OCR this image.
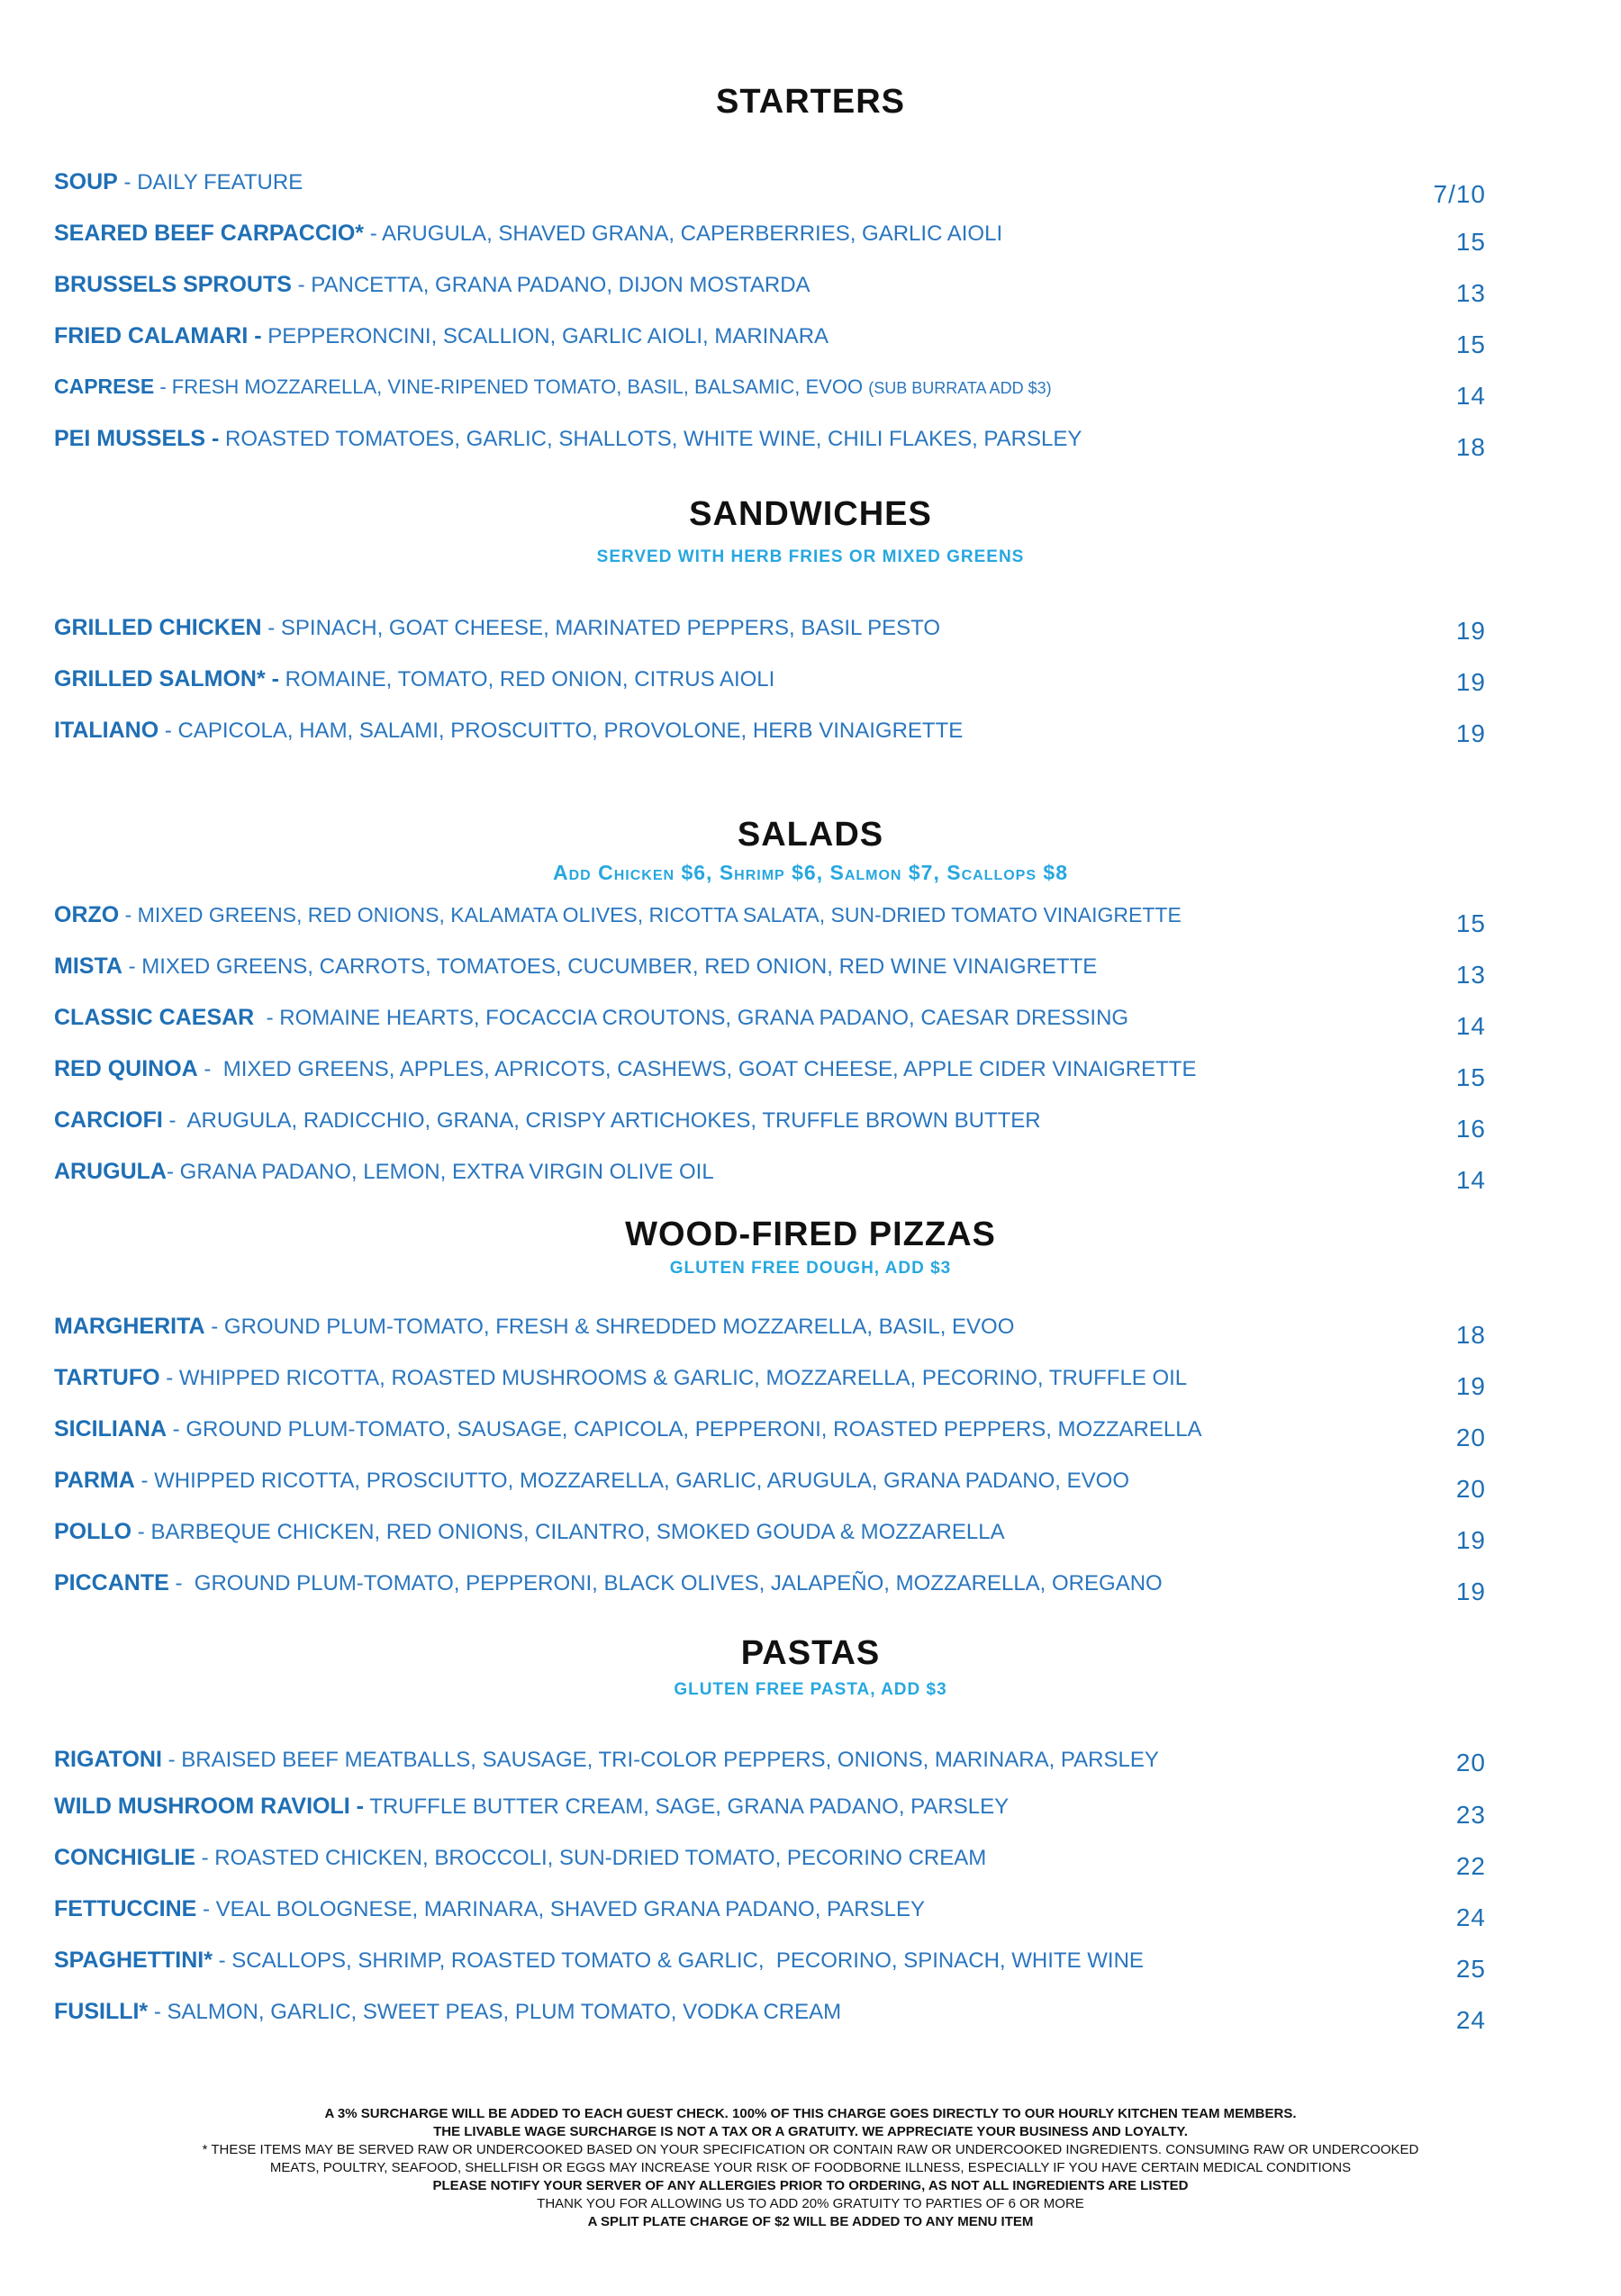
STARTERS
SOUP - DAILY FEATURE	7/10
SEARED BEEF CARPACCIO* - ARUGULA, SHAVED GRANA, CAPERBERRIES, GARLIC AIOLI	15
BRUSSELS SPROUTS - PANCETTA, GRANA PADANO, DIJON MOSTARDA	13
FRIED CALAMARI - PEPPERONCINI, SCALLION, GARLIC AIOLI, MARINARA	15
CAPRESE - FRESH MOZZARELLA, VINE-RIPENED TOMATO, BASIL, BALSAMIC, EVOO (SUB BURRATA ADD $3)	14
PEI MUSSELS - ROASTED TOMATOES, GARLIC, SHALLOTS, WHITE WINE, CHILI FLAKES, PARSLEY	18
SANDWICHES

SERVED WITH HERB FRIES OR MIXED GREENS

GRILLED CHICKEN - SPINACH, GOAT CHEESE, MARINATED PEPPERS, BASIL PESTO	19
GRILLED SALMON* - ROMAINE, TOMATO, RED ONION, CITRUS AIOLI	19
ITALIANO - CAPICOLA, HAM, SALAMI, PROSCUITTO, PROVOLONE, HERB VINAIGRETTE	19
SALADS

Add Chicken $6, Shrimp $6, Salmon $7, Scallops $8

ORZO - MIXED GREENS, RED ONIONS, KALAMATA OLIVES, RICOTTA SALATA, SUN-DRIED TOMATO VINAIGRETTE	15
MISTA - MIXED GREENS, CARROTS, TOMATOES, CUCUMBER, RED ONION, RED WINE VINAIGRETTE	13
CLASSIC CAESAR  - ROMAINE HEARTS, FOCACCIA CROUTONS, GRANA PADANO, CAESAR DRESSING	14
RED QUINOA -  MIXED GREENS, APPLES, APRICOTS, CASHEWS, GOAT CHEESE, APPLE CIDER VINAIGRETTE	15
CARCIOFI -  ARUGULA, RADICCHIO, GRANA, CRISPY ARTICHOKES, TRUFFLE BROWN BUTTER	16
ARUGULA- GRANA PADANO, LEMON, EXTRA VIRGIN OLIVE OIL	14
WOOD-FIRED PIZZAS

GLUTEN FREE DOUGH, ADD $3

MARGHERITA - GROUND PLUM-TOMATO, FRESH & SHREDDED MOZZARELLA, BASIL, EVOO	18
TARTUFO - WHIPPED RICOTTA, ROASTED MUSHROOMS & GARLIC, MOZZARELLA, PECORINO, TRUFFLE OIL	19
SICILIANA - GROUND PLUM-TOMATO, SAUSAGE, CAPICOLA, PEPPERONI, ROASTED PEPPERS, MOZZARELLA	20
PARMA - WHIPPED RICOTTA, PROSCIUTTO, MOZZARELLA, GARLIC, ARUGULA, GRANA PADANO, EVOO	20
POLLO - BARBEQUE CHICKEN, RED ONIONS, CILANTRO, SMOKED GOUDA & MOZZARELLA	19
PICCANTE -  GROUND PLUM-TOMATO, PEPPERONI, BLACK OLIVES, JALAPEÑO, MOZZARELLA, OREGANO	19
PASTAS

GLUTEN FREE PASTA, ADD $3

RIGATONI - BRAISED BEEF MEATBALLS, SAUSAGE, TRI-COLOR PEPPERS, ONIONS, MARINARA, PARSLEY	20
WILD MUSHROOM RAVIOLI - TRUFFLE BUTTER CREAM, SAGE, GRANA PADANO, PARSLEY	23
CONCHIGLIE - ROASTED CHICKEN, BROCCOLI, SUN-DRIED TOMATO, PECORINO CREAM	22
FETTUCCINE - VEAL BOLOGNESE, MARINARA, SHAVED GRANA PADANO, PARSLEY	24
SPAGHETTINI* - SCALLOPS, SHRIMP, ROASTED TOMATO & GARLIC,  PECORINO, SPINACH, WHITE WINE	25
FUSILLI* - SALMON, GARLIC, SWEET PEAS, PLUM TOMATO, VODKA CREAM	24
A 3% SURCHARGE WILL BE ADDED TO EACH GUEST CHECK. 100% OF THIS CHARGE GOES DIRECTLY TO OUR HOURLY KITCHEN TEAM MEMBERS.
THE LIVABLE WAGE SURCHARGE IS NOT A TAX OR A GRATUITY. WE APPRECIATE YOUR BUSINESS AND LOYALTY.
* THESE ITEMS MAY BE SERVED RAW OR UNDERCOOKED BASED ON YOUR SPECIFICATION OR CONTAIN RAW OR UNDERCOOKED INGREDIENTS. CONSUMING RAW OR UNDERCOOKED
MEATS, POULTRY, SEAFOOD, SHELLFISH OR EGGS MAY INCREASE YOUR RISK OF FOODBORNE ILLNESS, ESPECIALLY IF YOU HAVE CERTAIN MEDICAL CONDITIONS
PLEASE NOTIFY YOUR SERVER OF ANY ALLERGIES PRIOR TO ORDERING, AS NOT ALL INGREDIENTS ARE LISTED
THANK YOU FOR ALLOWING US TO ADD 20% GRATUITY TO PARTIES OF 6 OR MORE
A SPLIT PLATE CHARGE OF $2 WILL BE ADDED TO ANY MENU ITEM
